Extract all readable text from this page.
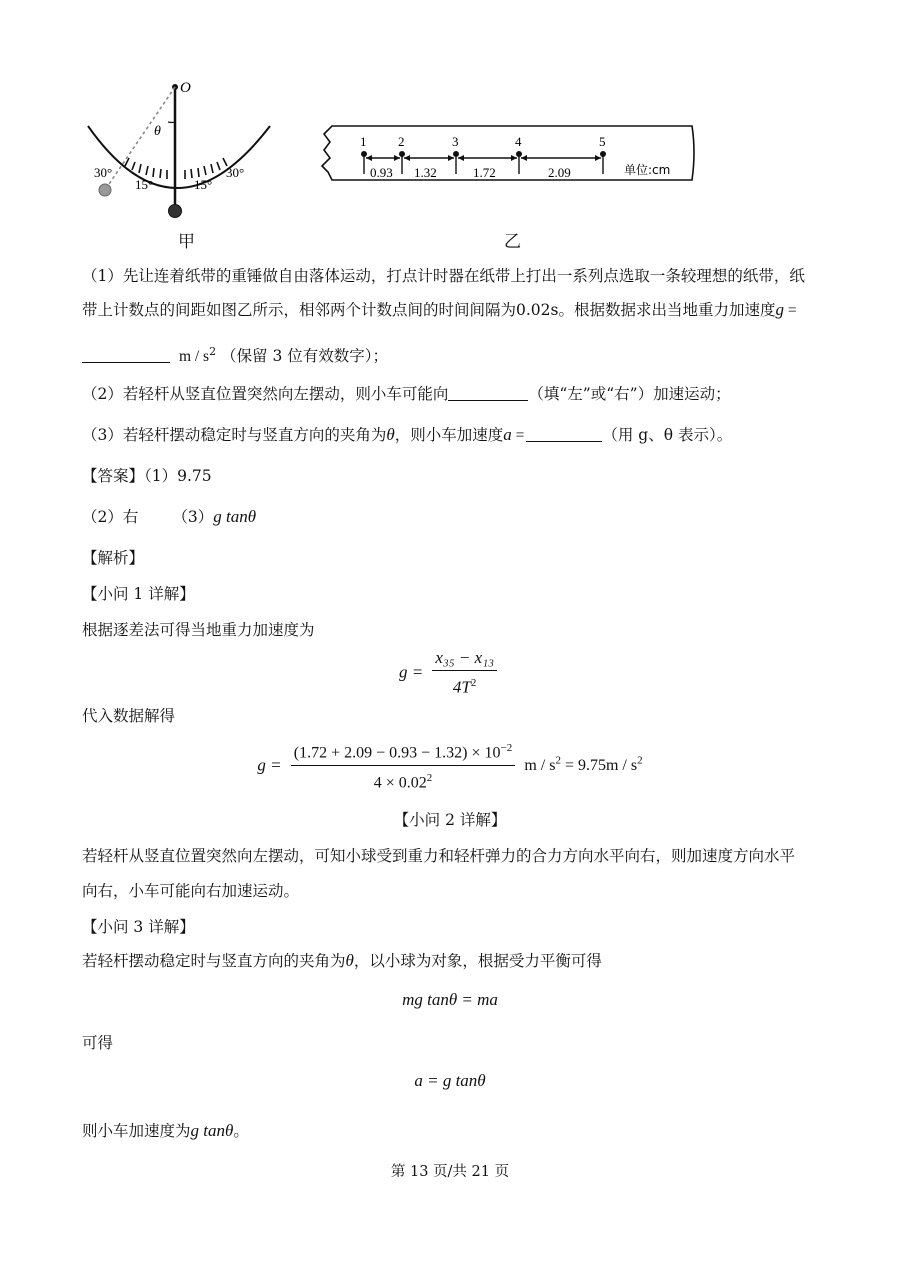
O
θ
30°
15°	15°
30°
甲
1 2	3	4	5
0.93 1.32	1.72	2.09	单位:cm
乙
（1）先让连着纸带的重锤做自由落体运动，打点计时器在纸带上打出一系列点选取一条较理想的纸带，纸
带上计数点的间距如图乙所示，相邻两个计数点间的时间间隔为0.02s。根据数据求出当地重力加速度g =
m / $s^2$ （保留 3 位有效数字）；
（2）若轻杆从竖直位置突然向左摆动，则小车可能向	（填“左”或“右”）加速运动；
（3）若轻杆摆动稳定时与竖直方向的夹角为θ，则小车加速度a =	（用 g、θ 表示）。
【答案】（1）9.75
（2）右 （3）g tanθ
【解析】
【小问 1 详解】
根据逐差法可得当地重力加速度为
$g = \frac{\text{x₃₅ − x₁₃}}{4T^2}$
代入数据解得
$g = \frac{(1.72 + 2.09 - 0.93 - 1.32) \times 10^{-2}}{4 \times 0.02^2}$ $m / s^2 = 9.75m / s^2$
【小问 2 详解】
若轻杆从竖直位置突然向左摆动，可知小球受到重力和轻杆弹力的合力方向水平向右，则加速度方向水平
向右，小车可能向右加速运动。
【小问 3 详解】
若轻杆摆动稳定时与竖直方向的夹角为θ，以小球为对象，根据受力平衡可得
mg tanθ = ma
可得
a = g tanθ
则小车加速度为g tanθ。
第 13 页/共 21 页
